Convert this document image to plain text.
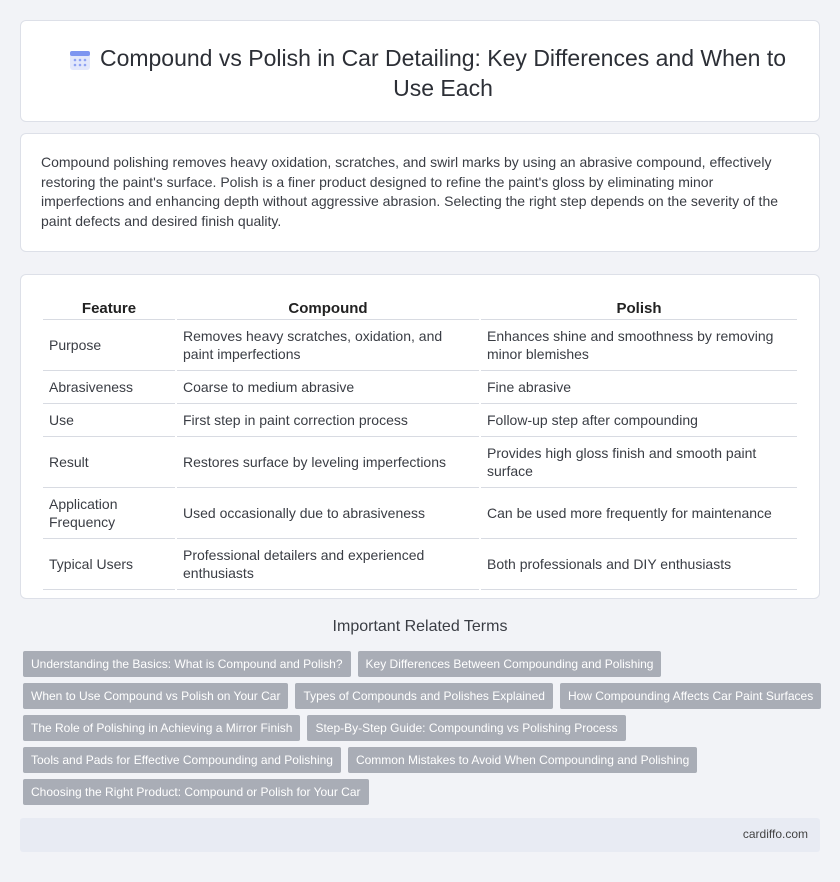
Compound vs Polish in Car Detailing: Key Differences and When to Use Each

Compound polishing removes heavy oxidation, scratches, and swirl marks by using an abrasive compound, effectively restoring the paint's surface. Polish is a finer product designed to refine the paint's gloss by eliminating minor imperfections and enhancing depth without aggressive abrasion. Selecting the right step depends on the severity of the paint defects and desired finish quality.

Feature	Compound	Polish
Purpose	Removes heavy scratches, oxidation, and paint imperfections	Enhances shine and smoothness by removing minor blemishes
Abrasiveness	Coarse to medium abrasive	Fine abrasive
Use	First step in paint correction process	Follow-up step after compounding
Result	Restores surface by leveling imperfections	Provides high gloss finish and smooth paint surface
Application Frequency	Used occasionally due to abrasiveness	Can be used more frequently for maintenance
Typical Users	Professional detailers and experienced enthusiasts	Both professionals and DIY enthusiasts
Important Related Terms
Understanding the Basics: What is Compound and Polish?	Key Differences Between Compounding and Polishing
When to Use Compound vs Polish on Your Car	Types of Compounds and Polishes Explained	How Compounding Affects Car Paint Surfaces
The Role of Polishing in Achieving a Mirror Finish	Step-By-Step Guide: Compounding vs Polishing Process
Tools and Pads for Effective Compounding and Polishing	Common Mistakes to Avoid When Compounding and Polishing
Choosing the Right Product: Compound or Polish for Your Car
cardiffo.com
